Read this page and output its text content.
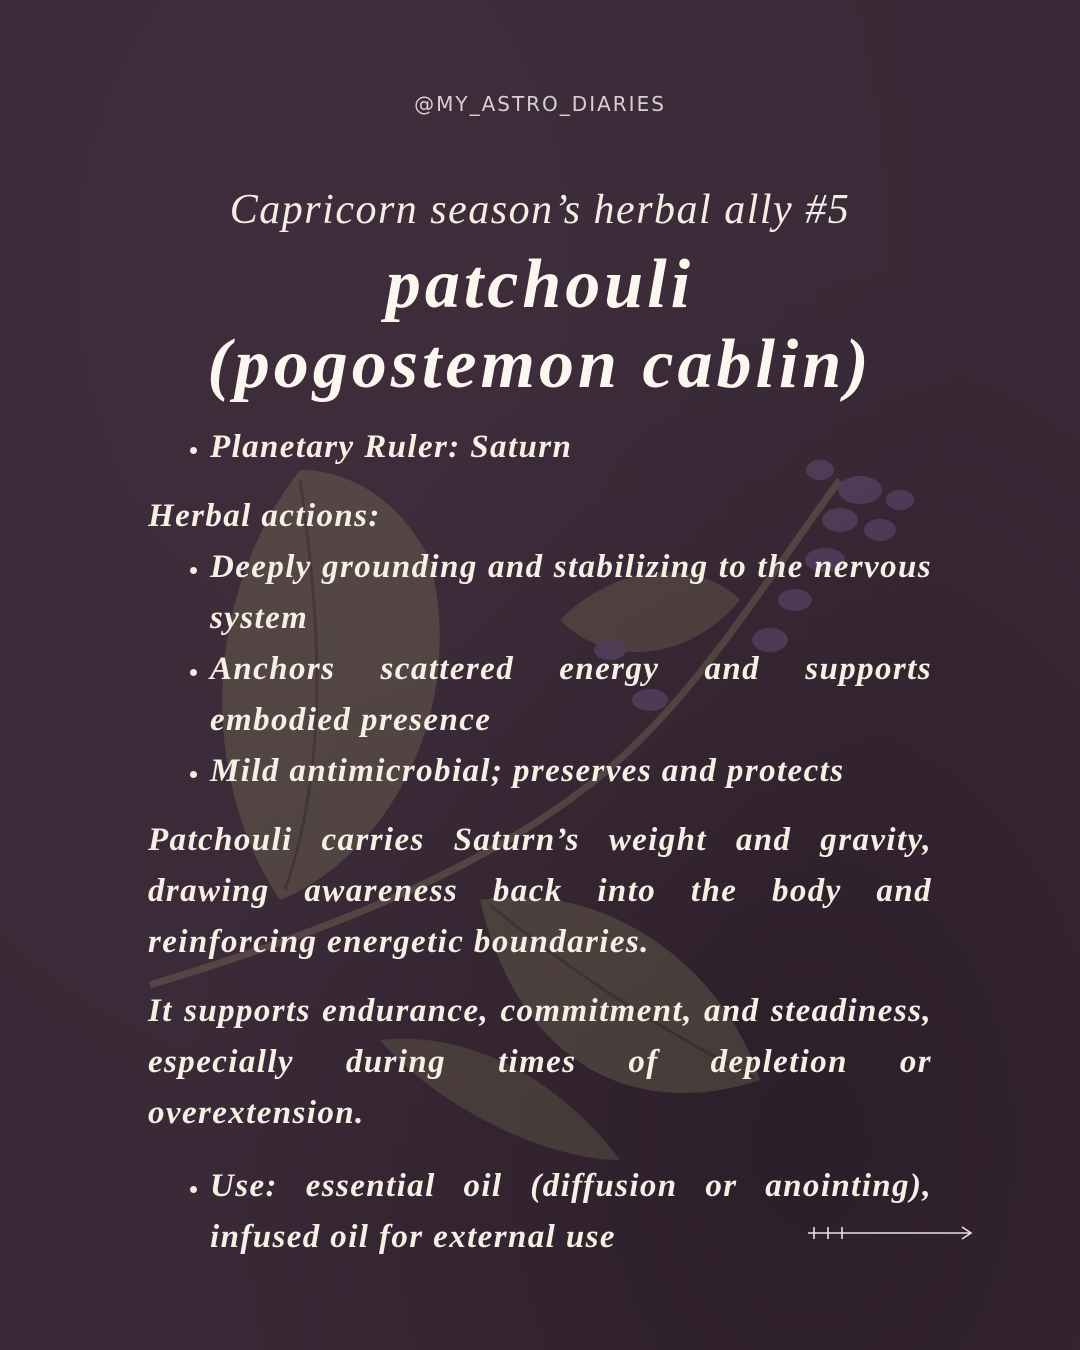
@MY_ASTRO_DIARIES
Capricorn season’s herbal ally #5
patchouli
(pogostemon cablin)
• Planetary Ruler: Saturn
Herbal actions:
• Deeply grounding and stabilizing to the nervous system
• Anchors scattered energy and supports embodied presence
• Mild antimicrobial; preserves and protects

Patchouli carries Saturn’s weight and gravity, drawing awareness back into the body and reinforcing energetic boundaries.

It supports endurance, commitment, and steadiness, especially during times of depletion or overextension.

• Use: essential oil (diffusion or anointing), infused oil for external use
